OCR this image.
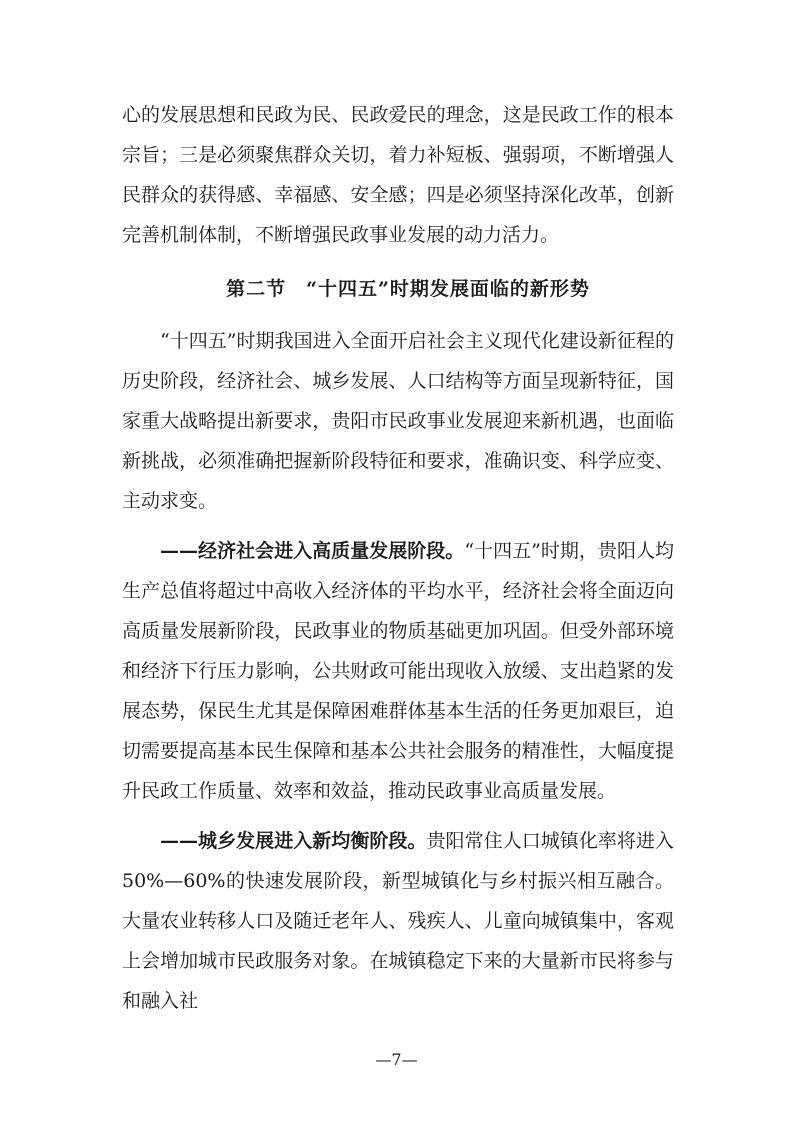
心的发展思想和民政为民、民政爱民的理念，这是民政工作的根本宗旨；三是必须聚焦群众关切，着力补短板、强弱项，不断增强人民群众的获得感、幸福感、安全感；四是必须坚持深化改革，创新完善机制体制，不断增强民政事业发展的动力活力。

第二节　“十四五”时期发展面临的新形势

“十四五”时期我国进入全面开启社会主义现代化建设新征程的历史阶段，经济社会、城乡发展、人口结构等方面呈现新特征，国家重大战略提出新要求，贵阳市民政事业发展迎来新机遇，也面临新挑战，必须准确把握新阶段特征和要求，准确识变、科学应变、主动求变。

——经济社会进入高质量发展阶段。“十四五”时期，贵阳人均生产总值将超过中高收入经济体的平均水平，经济社会将全面迈向高质量发展新阶段，民政事业的物质基础更加巩固。但受外部环境和经济下行压力影响，公共财政可能出现收入放缓、支出趋紧的发展态势，保民生尤其是保障困难群体基本生活的任务更加艰巨，迫切需要提高基本民生保障和基本公共社会服务的精准性，大幅度提升民政工作质量、效率和效益，推动民政事业高质量发展。

——城乡发展进入新均衡阶段。贵阳常住人口城镇化率将进入50%—60%的快速发展阶段，新型城镇化与乡村振兴相互融合。大量农业转移人口及随迁老年人、残疾人、儿童向城镇集中，客观上会增加城市民政服务对象。在城镇稳定下来的大量新市民将参与和融入社

—7—
